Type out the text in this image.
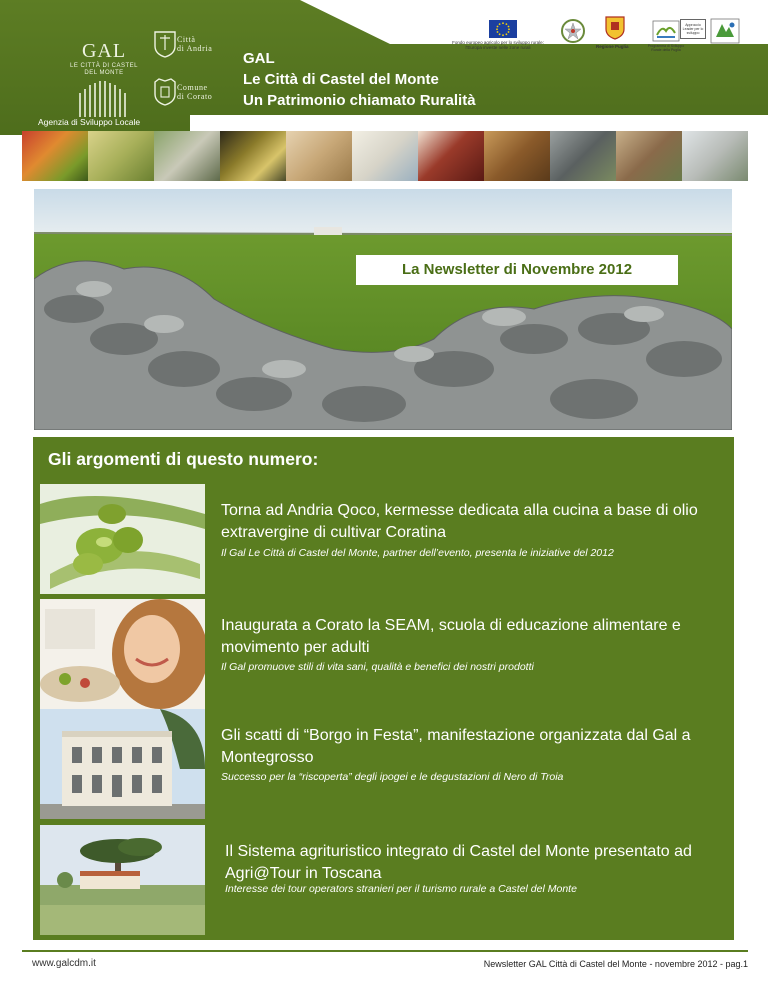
GAL
LE CITTÀ DI CASTEL DEL MONTE
Città
di Andria
Comune
di Corato
GAL
Le Città di Castel del Monte
Un Patrimonio chiamato Ruralità
Agenzia di Sviluppo Locale
Fondo europeo agricolo per lo sviluppo rurale:
l'Europa investe nelle zone rurali	Regione Puglia	Programma di Sviluppo Rurale della Puglia
Approccio Leader per lo sviluppo
La Newsletter di Novembre 2012
Gli argomenti di questo numero:
Torna ad Andria Qoco, kermesse dedicata alla cucina a base di olio extravergine di cultivar Coratina
Il Gal Le Città di Castel del Monte, partner dell’evento, presenta le iniziative del 2012
Inaugurata a Corato la SEAM, scuola di educazione alimentare e movimento per adulti
Il Gal promuove stili di vita sani, qualità e benefici dei nostri prodotti
Gli scatti di “Borgo in Festa”, manifestazione organizzata dal Gal a Montegrosso
Successo per la “riscoperta” degli ipogei e le degustazioni di Nero di Troia
Il Sistema agrituristico integrato di Castel del Monte presentato ad Agri@Tour in Toscana
Interesse dei tour operators stranieri per il turismo rurale a Castel del Monte
www.galcdm.it	Newsletter GAL Città di Castel del Monte - novembre 2012 - pag.1
